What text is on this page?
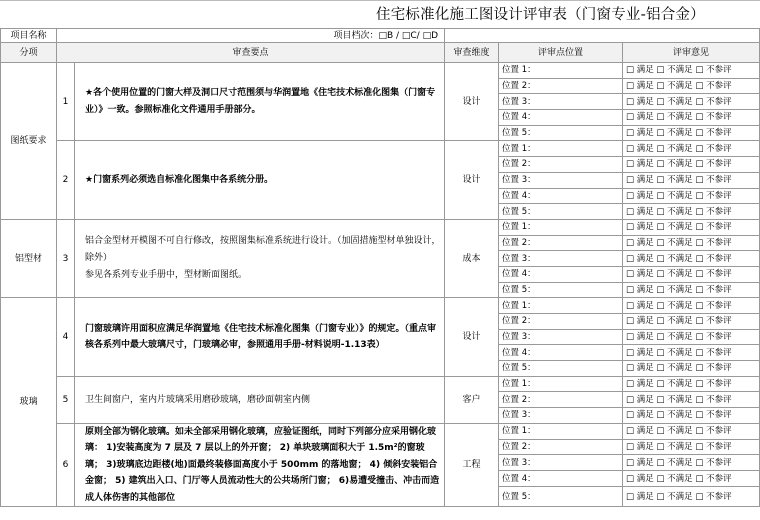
住宅标准化施工图设计评审表（门窗专业-铝合金）
项目名称	项目档次：□B / □C/ □D				
分项	审查要点		审查维度	评审点位置	评审意见
图纸要求	1	★各个使用位置的门窗大样及洞口尺寸范围须与华润置地《住宅技术标准化图集（门窗专业）》一致。参照标准化文件通用手册部分。	设计	位置 1：	□ 满足 □ 不满足 □ 不参评
				位置 2：	□ 满足 □ 不满足 □ 不参评
				位置 3：	□ 满足 □ 不满足 □ 不参评
				位置 4：	□ 满足 □ 不满足 □ 不参评
				位置 5：	□ 满足 □ 不满足 □ 不参评
	2	★门窗系列必须选自标准化图集中各系统分册。	设计	位置 1：	□ 满足 □ 不满足 □ 不参评
				位置 2：	□ 满足 □ 不满足 □ 不参评
				位置 3：	□ 满足 □ 不满足 □ 不参评
				位置 4：	□ 满足 □ 不满足 □ 不参评
				位置 5：	□ 满足 □ 不满足 □ 不参评
铝型材	3	铝合金型材开模图不可自行修改，按照图集标准系统进行设计。（加固措施型材单独设计，除外）
参见各系列专业手册中，型材断面图纸。	成本	位置 1：	□ 满足 □ 不满足 □ 不参评
				位置 2：	□ 满足 □ 不满足 □ 不参评
				位置 3：	□ 满足 □ 不满足 □ 不参评
				位置 4：	□ 满足 □ 不满足 □ 不参评
				位置 5：	□ 满足 □ 不满足 □ 不参评
玻璃	4	门窗玻璃许用面积应满足华润置地《住宅技术标准化图集（门窗专业）》的规定。（重点审核各系列中最大玻璃尺寸，门玻璃必审，参照通用手册-材料说明-1.13表）	设计	位置 1：	□ 满足 □ 不满足 □ 不参评
				位置 2：	□ 满足 □ 不满足 □ 不参评
				位置 3：	□ 满足 □ 不满足 □ 不参评
				位置 4：	□ 满足 □ 不满足 □ 不参评
				位置 5：	□ 满足 □ 不满足 □ 不参评
	5	卫生间窗户，室内片玻璃采用磨砂玻璃，磨砂面朝室内侧	客户	位置 1：	□ 满足 □ 不满足 □ 不参评
				位置 2：	□ 满足 □ 不满足 □ 不参评
				位置 3：	□ 满足 □ 不满足 □ 不参评
	6	原则全部为钢化玻璃。如未全部采用钢化玻璃，应验证图纸，同时下列部分应采用钢化玻璃： 1)安装高度为 7 层及 7 层以上的外开窗； 2) 单块玻璃面积大于 1.5m²的窗玻璃； 3)玻璃底边距楼(地)面最终装修面高度小于 500mm 的落地窗； 4) 倾斜安装铝合金窗； 5) 建筑出入口、门厅等人员流动性大的公共场所门窗； 6)易遭受撞击、冲击而造成人体伤害的其他部位	工程	位置 1：	□ 满足 □ 不满足 □ 不参评
				位置 2：	□ 满足 □ 不满足 □ 不参评
				位置 3：	□ 满足 □ 不满足 □ 不参评
				位置 4：	□ 满足 □ 不满足 □ 不参评
				位置 5：	□ 满足 □ 不满足 □ 不参评
